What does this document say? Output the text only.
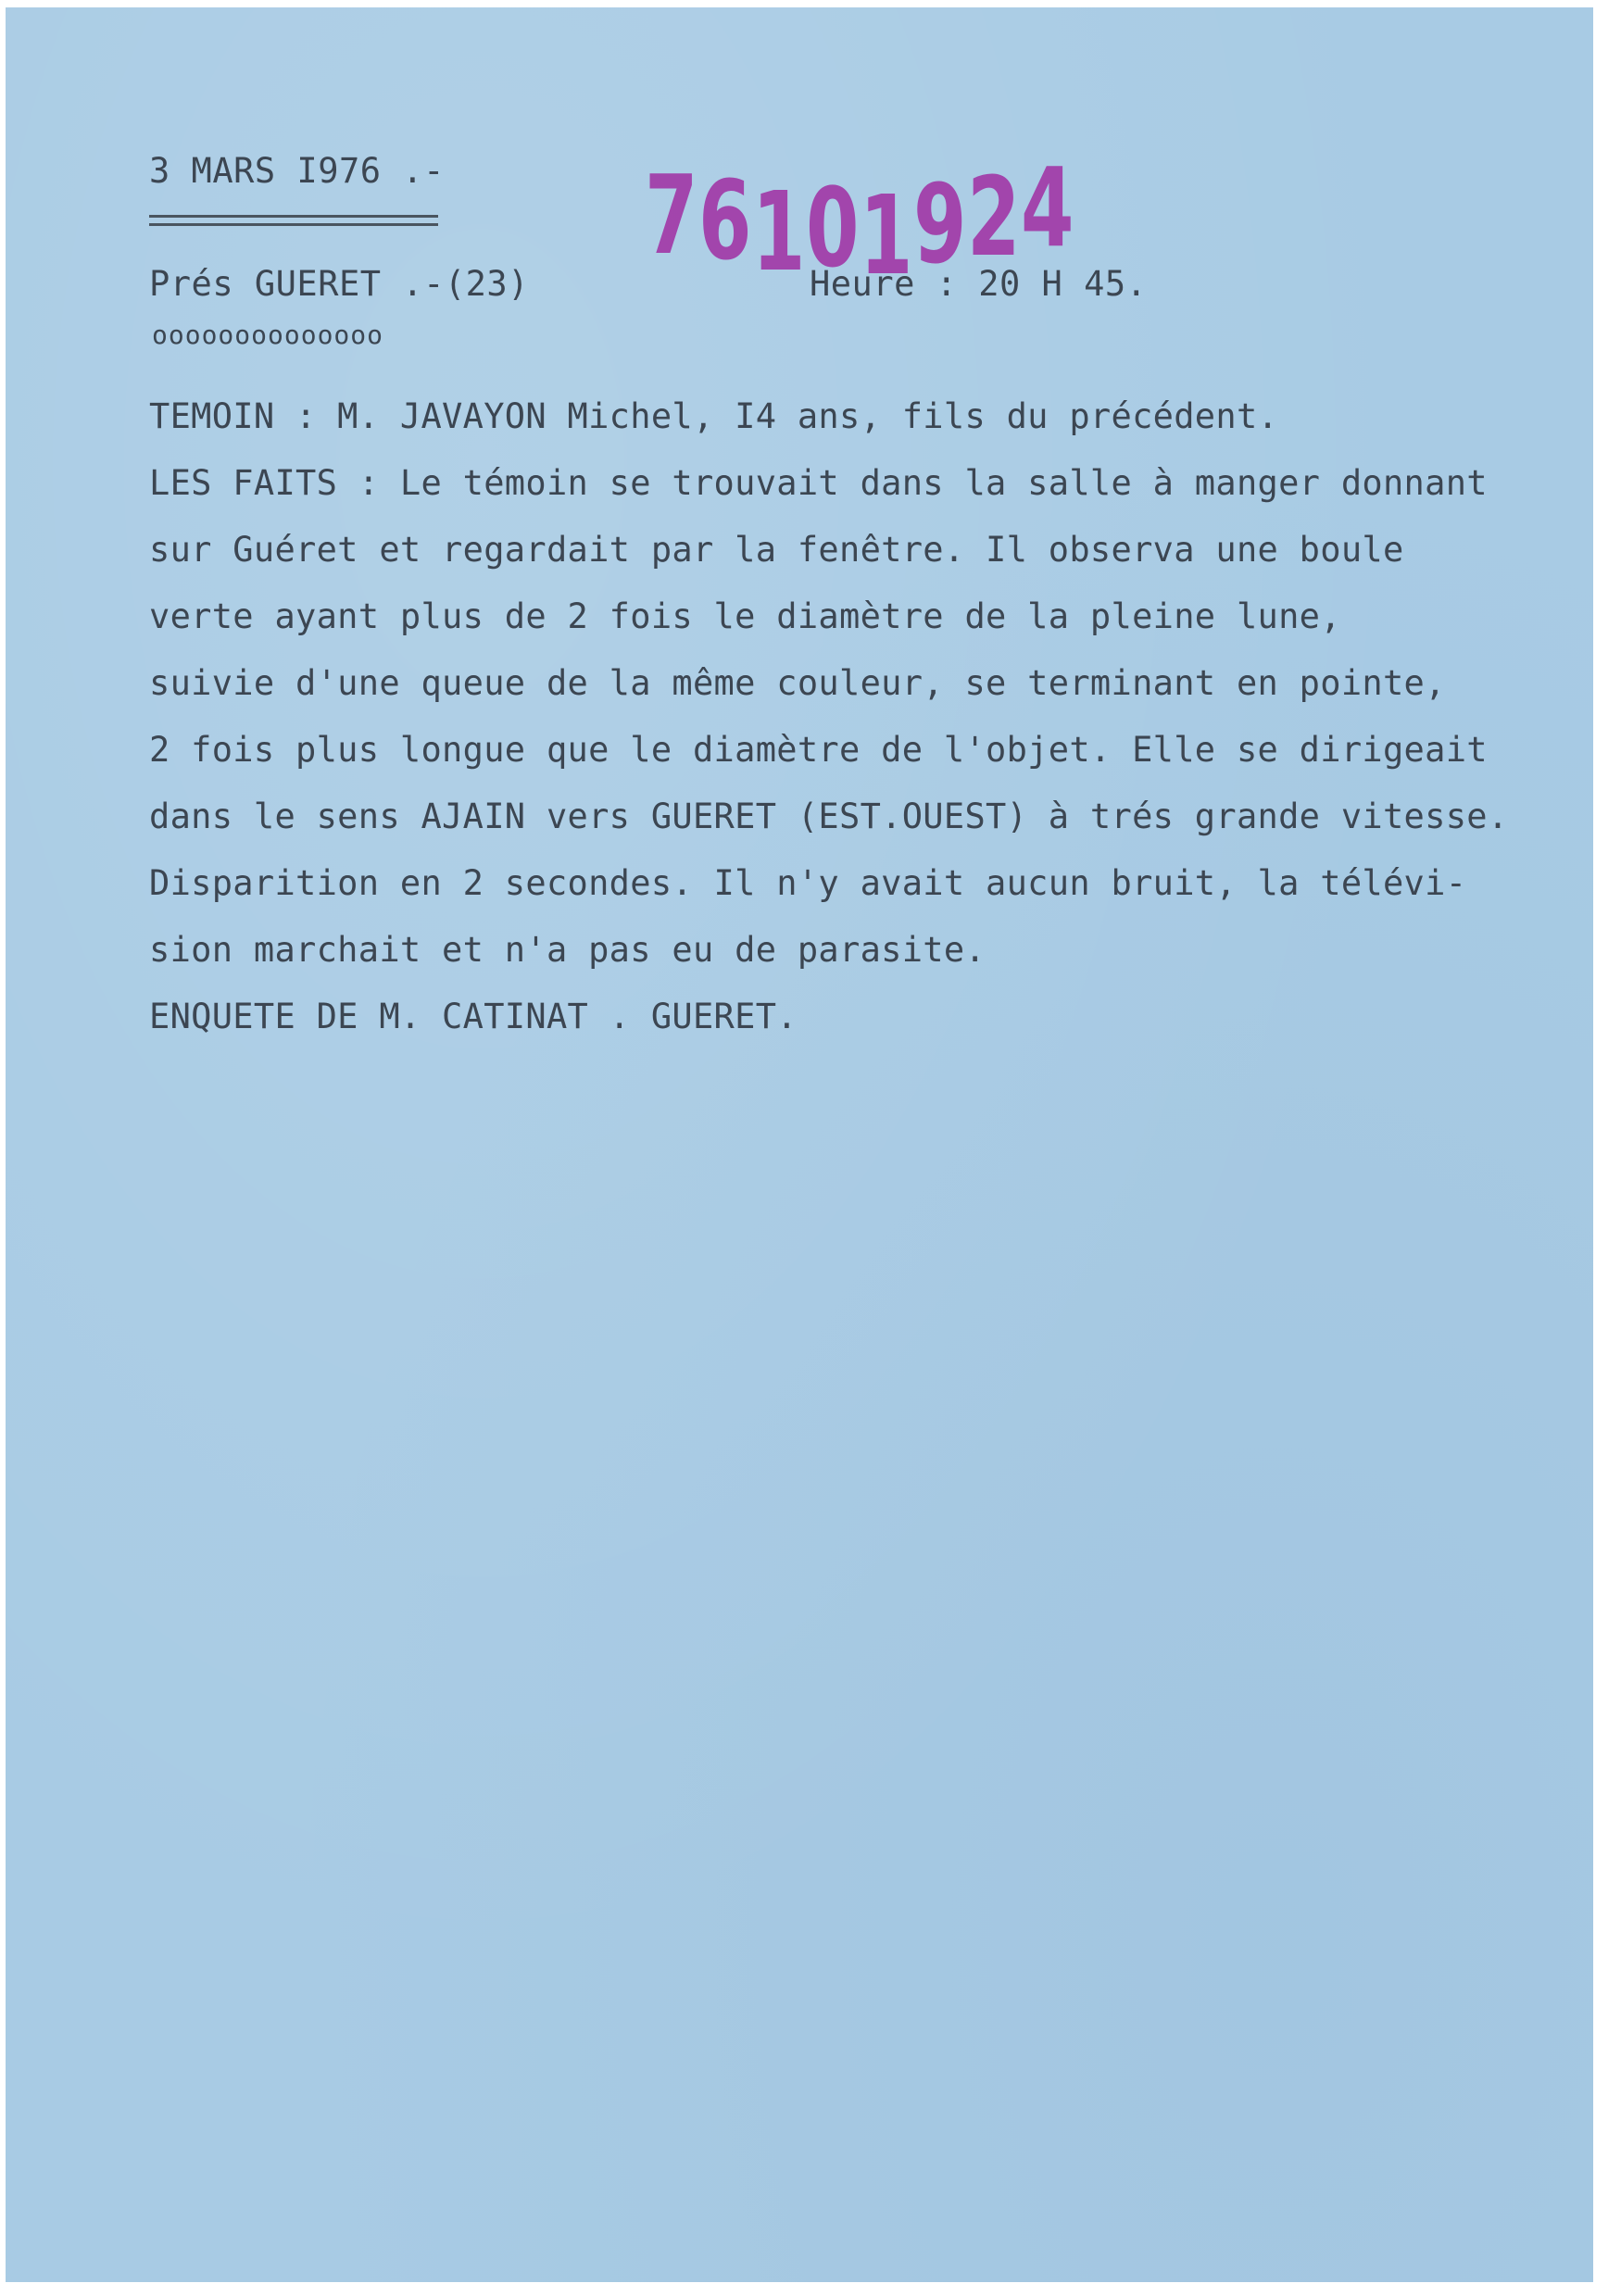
3 MARS I976 .-
Prés GUERET .-(23)
76101924
Heure : 20 H 45.
oooooooooooooo
TEMOIN : M. JAVAYON Michel, I4 ans, fils du précédent.
LES FAITS : Le témoin se trouvait dans la salle à manger donnant
sur Guéret et regardait par la fenêtre. Il observa une boule
verte ayant plus de 2 fois le diamètre de la pleine lune,
suivie d'une queue de la même couleur, se terminant en pointe,
2 fois plus longue que le diamètre de l'objet. Elle se dirigeait
dans le sens AJAIN vers GUERET (EST.OUEST) à trés grande vitesse.
Disparition en 2 secondes. Il n'y avait aucun bruit, la télévi-
sion marchait et n'a pas eu de parasite.
ENQUETE DE M. CATINAT . GUERET.
